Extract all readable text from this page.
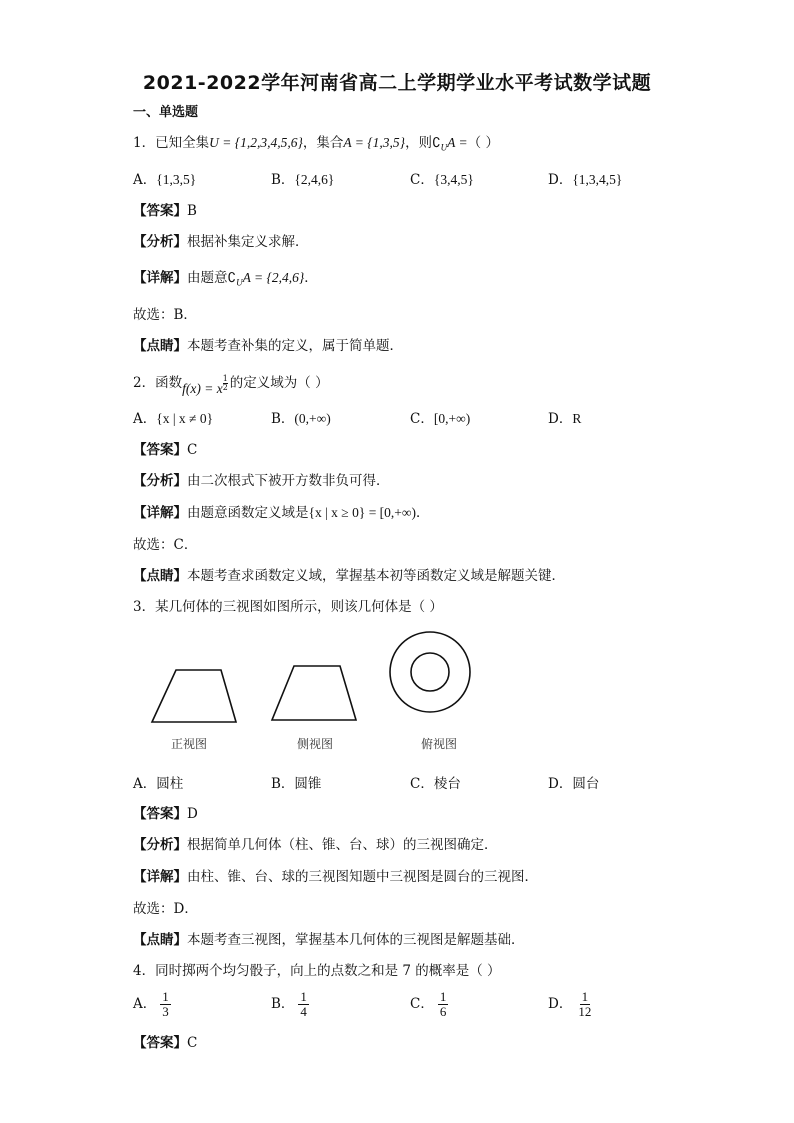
2021-2022学年河南省高二上学期学业水平考试数学试题
一、单选题
1．已知全集U = {1,2,3,4,5,6}，集合A = {1,3,5}，则$∁_UA$ =（ ）
A．{1,3,5}	B．{2,4,6}	C．{3,4,5}	D．{1,3,4,5}
【答案】B
【分析】根据补集定义求解．
【详解】由题意$∁_UA = \{2,4,6\}$．
故选：B．
【点睛】本题考查补集的定义，属于简单题．
2．函数f(x) = x $\frac{1}{2}$ 的定义域为（ ）
A．{x | x ≠ 0}	B．(0,+∞)	C．[0,+∞)	D．R
【答案】C
【分析】由二次根式下被开方数非负可得．
【详解】由题意函数定义域是{x | x ≥ 0} = [0,+∞)．
故选：C．
【点睛】本题考查求函数定义域，掌握基本初等函数定义域是解题关键．
3．某几何体的三视图如图所示，则该几何体是（ ）
正视图	侧视图	俯视图
A．圆柱	B．圆锥	C．棱台	D．圆台
【答案】D
【分析】根据简单几何体（柱、锥、台、球）的三视图确定．
【详解】由柱、锥、台、球的三视图知题中三视图是圆台的三视图．
故选：D．
【点睛】本题考查三视图，掌握基本几何体的三视图是解题基础．
4．同时掷两个均匀骰子，向上的点数之和是 7 的概率是（ ）
A． $\frac{1}{3}$	B． $\frac{1}{4}$	C． $\frac{1}{6}$	D． $\frac{1}{12}$
【答案】C
